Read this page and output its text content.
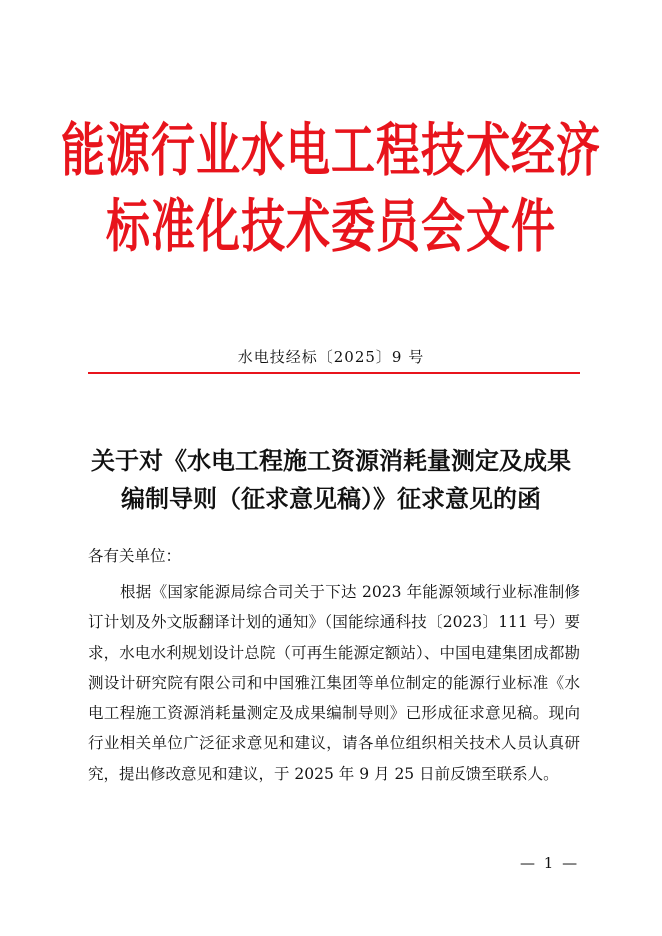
能源行业水电工程技术经济
标准化技术委员会文件
水电技经标〔2025〕9 号
关于对《水电工程施工资源消耗量测定及成果
编制导则（征求意见稿）》征求意见的函
各有关单位：

根据《国家能源局综合司关于下达 2023 年能源领域行业标准制修订计划及外文版翻译计划的通知》（国能综通科技〔2023〕111 号）要求，水电水利规划设计总院（可再生能源定额站）、中国电建集团成都勘测设计研究院有限公司和中国雅江集团等单位制定的能源行业标准《水电工程施工资源消耗量测定及成果编制导则》已形成征求意见稿。现向行业相关单位广泛征求意见和建议，请各单位组织相关技术人员认真研究，提出修改意见和建议，于 2025 年 9 月 25 日前反馈至联系人。

— 1 —
